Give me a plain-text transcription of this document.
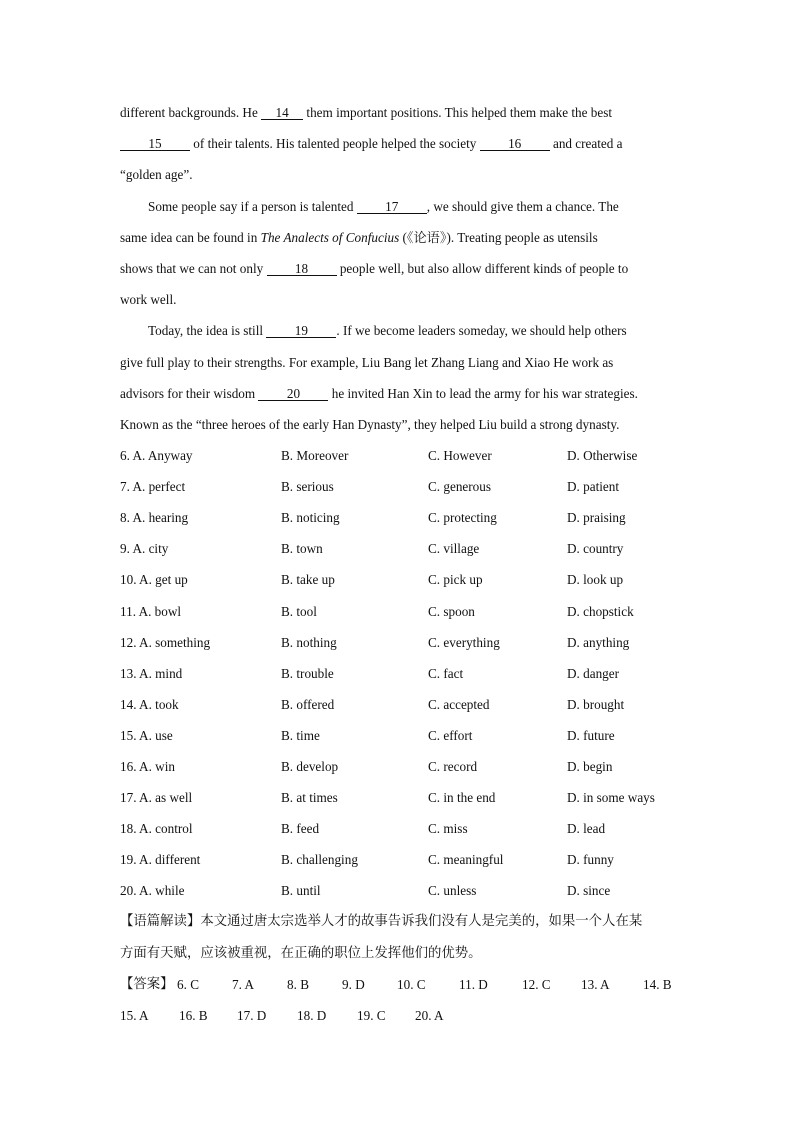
different backgrounds. He 14 them important positions. This helped them make the best
15 of their talents. His talented people helped the society 16 and created a
“golden age”.
Some people say if a person is talented 17 , we should give them a chance. The
same idea can be found in The Analects of Confucius (《论语》). Treating people as utensils
shows that we can not only 18 people well, but also allow different kinds of people to
work well.
Today, the idea is still 19 . If we become leaders someday, we should help others
give full play to their strengths. For example, Liu Bang let Zhang Liang and Xiao He work as
advisors for their wisdom 20 he invited Han Xin to lead the army for his war strategies.
Known as the “three heroes of the early Han Dynasty”, they helped Liu build a strong dynasty.
6. A. Anyway	B. Moreover	C. However	D. Otherwise
7. A. perfect	B. serious	C. generous	D. patient
8. A. hearing	B. noticing	C. protecting	D. praising
9. A. city	B. town	C. village	D. country
10. A. get up	B. take up	C. pick up	D. look up
11. A. bowl	B. tool	C. spoon	D. chopstick
12. A. something	B. nothing	C. everything	D. anything
13. A. mind	B. trouble	C. fact	D. danger
14. A. took	B. offered	C. accepted	D. brought
15. A. use	B. time	C. effort	D. future
16. A. win	B. develop	C. record	D. begin
17. A. as well	B. at times	C. in the end	D. in some ways
18. A. control	B. feed	C. miss	D. lead
19. A. different	B. challenging	C. meaningful	D. funny
20. A. while	B. until	C. unless	D. since
【语篇解读】本文通过唐太宗选举人才的故事告诉我们没有人是完美的，如果一个人在某
方面有天赋，应该被重视，在正确的职位上发挥他们的优势。
【答案】 6. C	7. A	8. B	9. D 10. C	11. D	12. C 13. A	14. B
15. A 16. B 17. D 18. D 19. C 20. A
